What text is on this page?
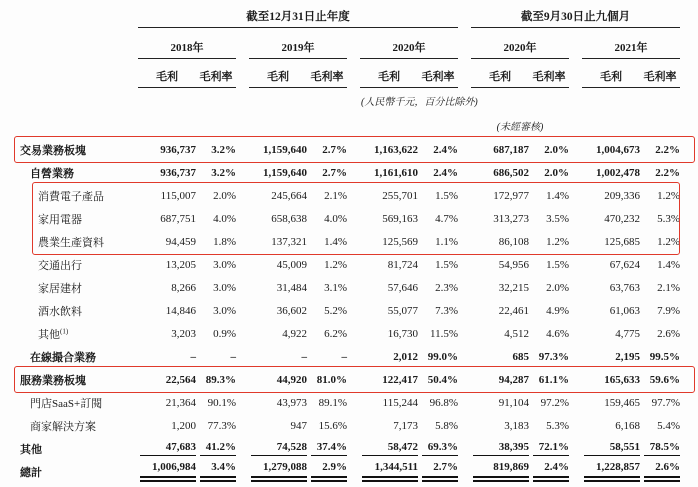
	截至12月31日止年度									截至9月30日止九個月				
	2018年			2019年			2020年			2020年			2021年	
	毛利	毛利率		毛利	毛利率		毛利	毛利率		毛利	毛利率		毛利	毛利率
							(人民幣千元，百分比除外)							
										(未經審核)				
交易業務板塊	936,737	3.2%		1,159,640	2.7%		1,163,622	2.4%		687,187	2.0%		1,004,673	2.2%
自營業務	936,737	3.2%		1,159,640	2.7%		1,161,610	2.4%		686,502	2.0%		1,002,478	2.2%
消費電子產品	115,007	2.0%		245,664	2.1%		255,701	1.5%		172,977	1.4%		209,336	1.2%
家用電器	687,751	4.0%		658,638	4.0%		569,163	4.7%		313,273	3.5%		470,232	5.3%
農業生產資料	94,459	1.8%		137,321	1.4%		125,569	1.1%		86,108	1.2%		125,685	1.2%
交通出行	13,205	3.0%		45,009	1.2%		81,724	1.5%		54,956	1.5%		67,624	1.4%
家居建材	8,266	3.0%		31,484	3.1%		57,646	2.3%		32,215	2.0%		63,763	2.1%
酒水飲料	14,846	3.0%		36,602	5.2%		55,077	7.3%		22,461	4.9%		61,063	7.9%
其他$^{(1)}$	3,203	0.9%		4,922	6.2%		16,730	11.5%		4,512	4.6%		4,775	2.6%
在線撮合業務	–	–		–	–		2,012	99.0%		685	97.3%		2,195	99.5%
服務業務板塊	22,564	89.3%		44,920	81.0%		122,417	50.4%		94,287	61.1%		165,633	59.6%
門店SaaS+訂閱	21,364	90.1%		43,973	89.1%		115,244	96.8%		91,104	97.2%		159,465	97.7%
商家解決方案	1,200	77.3%		947	15.6%		7,173	5.8%		3,183	5.3%		6,168	5.4%
其他	47,683	41.2%		74,528	37.4%		58,472	69.3%		38,395	72.1%		58,551	78.5%
總計	1,006,984	3.4%		1,279,088	2.9%		1,344,511	2.7%		819,869	2.4%		1,228,857	2.6%
